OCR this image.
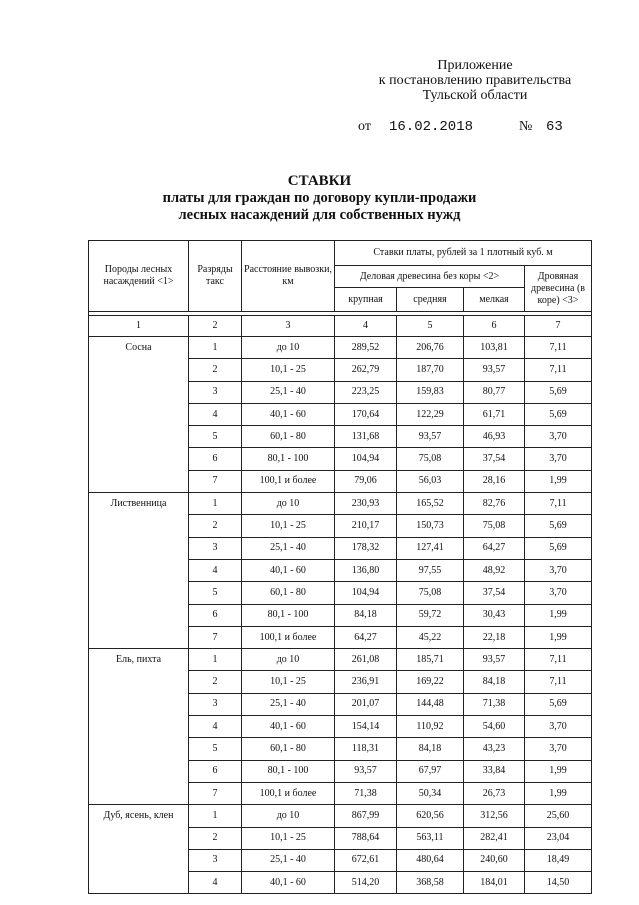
Приложение
к постановлению правительства
Тульской области
от 16.02.2018	№ 63
СТАВКИ
платы для граждан по договору купли-продажи
лесных насаждений для собственных нужд
Породы лесных насаждений <1>	Разряды такс	Расстояние вывозки, км	Ставки платы, рублей за 1 плотный куб. м			
			Деловая древесина без коры <2>			Дровяная древесина (в коре) <3>
			крупная	средняя	мелкая	

1	2	3	4	5	6	7
Сосна	1	до 10	289,52	206,76	103,81	7,11
	2	10,1 - 25	262,79	187,70	93,57	7,11
	3	25,1 - 40	223,25	159,83	80,77	5,69
	4	40,1 - 60	170,64	122,29	61,71	5,69
	5	60,1 - 80	131,68	93,57	46,93	3,70
	6	80,1 - 100	104,94	75,08	37,54	3,70
	7	100,1 и более	79,06	56,03	28,16	1,99
Лиственница	1	до 10	230,93	165,52	82,76	7,11
	2	10,1 - 25	210,17	150,73	75,08	5,69
	3	25,1 - 40	178,32	127,41	64,27	5,69
	4	40,1 - 60	136,80	97,55	48,92	3,70
	5	60,1 - 80	104,94	75,08	37,54	3,70
	6	80,1 - 100	84,18	59,72	30,43	1,99
	7	100,1 и более	64,27	45,22	22,18	1,99
Ель, пихта	1	до 10	261,08	185,71	93,57	7,11
	2	10,1 - 25	236,91	169,22	84,18	7,11
	3	25,1 - 40	201,07	144,48	71,38	5,69
	4	40,1 - 60	154,14	110,92	54,60	3,70
	5	60,1 - 80	118,31	84,18	43,23	3,70
	6	80,1 - 100	93,57	67,97	33,84	1,99
	7	100,1 и более	71,38	50,34	26,73	1,99
Дуб, ясень, клен	1	до 10	867,99	620,56	312,56	25,60
	2	10,1 - 25	788,64	563,11	282,41	23,04
	3	25,1 - 40	672,61	480,64	240,60	18,49
	4	40,1 - 60	514,20	368,58	184,01	14,50
